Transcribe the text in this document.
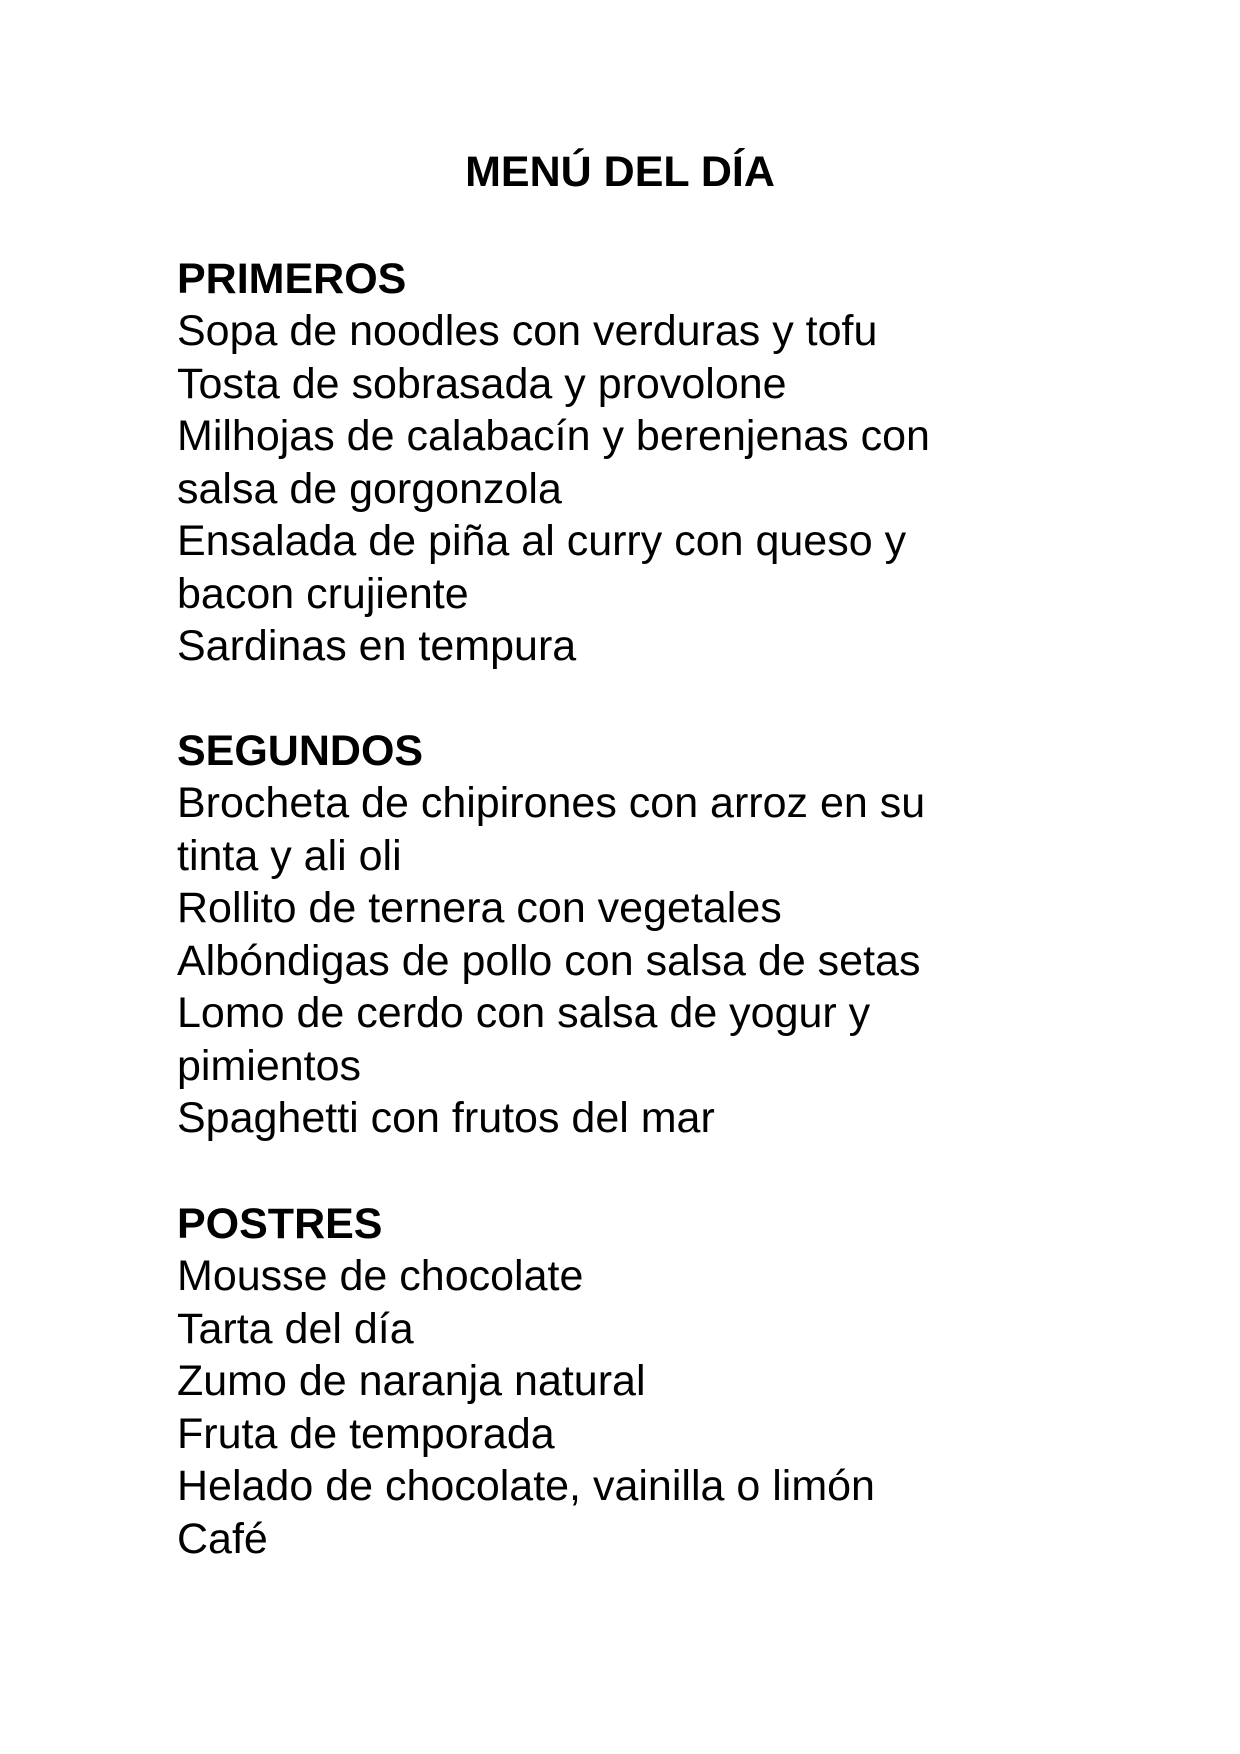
MENÚ DEL DÍA
PRIMEROS
Sopa de noodles con verduras y tofu
Tosta de sobrasada y provolone
Milhojas de calabacín y berenjenas con
salsa de gorgonzola
Ensalada de piña al curry con queso y
bacon crujiente
Sardinas en tempura
SEGUNDOS
Brocheta de chipirones con arroz en su
tinta y ali oli
Rollito de ternera con vegetales
Albóndigas de pollo con salsa de setas
Lomo de cerdo con salsa de yogur y
pimientos
Spaghetti con frutos del mar
POSTRES
Mousse de chocolate
Tarta del día
Zumo de naranja natural
Fruta de temporada
Helado de chocolate, vainilla o limón
Café
